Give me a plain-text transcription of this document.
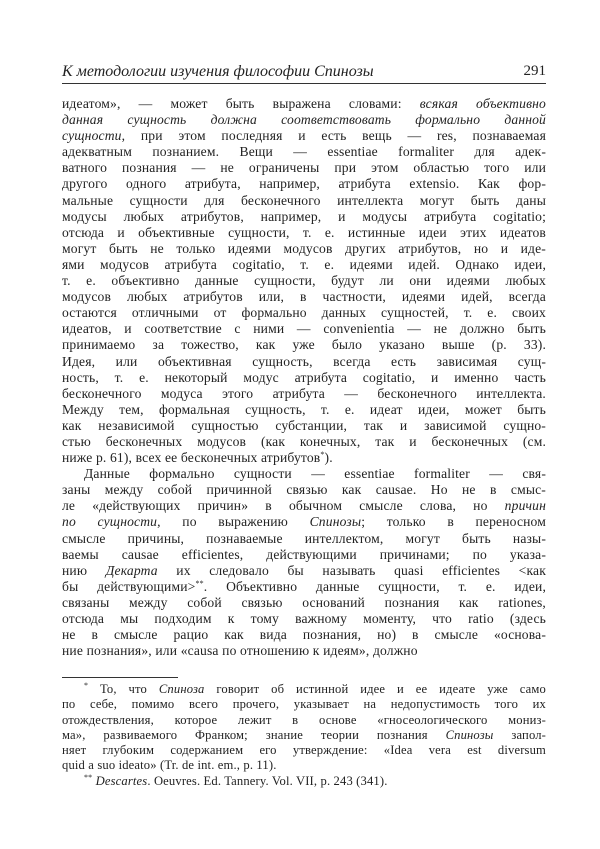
К методологии изучения философии Спинозы	291
идеатом», — может быть выражена словами: всякая объективно
данная сущность должна соответствовать формально данной
сущности, при этом последняя и есть вещь — res, познаваемая
адекватным познанием. Вещи — essentiae formaliter для адек-
ватного познания — не ограничены при этом областью того или
другого одного атрибута, например, атрибута extensio. Как фор-
мальные сущности для бесконечного интеллекта могут быть даны
модусы любых атрибутов, например, и модусы атрибута cogitatio;
отсюда и объективные сущности, т. е. истинные идеи этих идеатов
могут быть не только идеями модусов других атрибутов, но и иде-
ями модусов атрибута cogitatio, т. е. идеями идей. Однако идеи,
т. е. объективно данные сущности, будут ли они идеями любых
модусов любых атрибутов или, в частности, идеями идей, всегда
остаются отличными от формально данных сущностей, т. е. своих
идеатов, и соответствие с ними — convenientia — не должно быть
принимаемо за тожество, как уже было указано выше (p. 33).
Идея, или объективная сущность, всегда есть зависимая сущ-
ность, т. е. некоторый модус атрибута cogitatio, и именно часть
бесконечного модуса этого атрибута — бесконечного интеллекта.
Между тем, формальная сущность, т. е. идеат идеи, может быть
как независимой сущностью субстанции, так и зависимой сущно-
стью бесконечных модусов (как конечных, так и бесконечных (см.
ниже p. 61), всех ее бесконечных атрибутов*).
Данные формально сущности — essentiae formaliter — свя-
заны между собой причинной связью как causae. Но не в смыс-
ле «действующих причин» в обычном смысле слова, но причин
по сущности, по выражению Спинозы; только в переносном
смысле причины, познаваемые интеллектом, могут быть назы-
ваемы causae efficientes, действующими причинами; по указа-
нию Декарта их следовало бы называть quasi efficientes <как
бы действующими>**. Объективно данные сущности, т. е. идеи,
связаны между собой связью оснований познания как rationes,
отсюда мы подходим к тому важному моменту, что ratio (здесь
не в смысле рацио как вида познания, но) в смысле «основа-
ние познания», или «causa по отношению к идеям», должно
* То, что Спиноза говорит об истинной идее и ее идеате уже само
по себе, помимо всего прочего, указывает на недопустимость того их
отождествления, которое лежит в основе «гносеологического мониз-
ма», развиваемого Франком; знание теории познания Спинозы запол-
няет глубоким содержанием его утверждение: «Idea vera est diversum
quid a suo ideato» (Tr. de int. em., p. 11).
** Descartes. Oeuvres. Ed. Tannery. Vol. VII, p. 243 (341).
